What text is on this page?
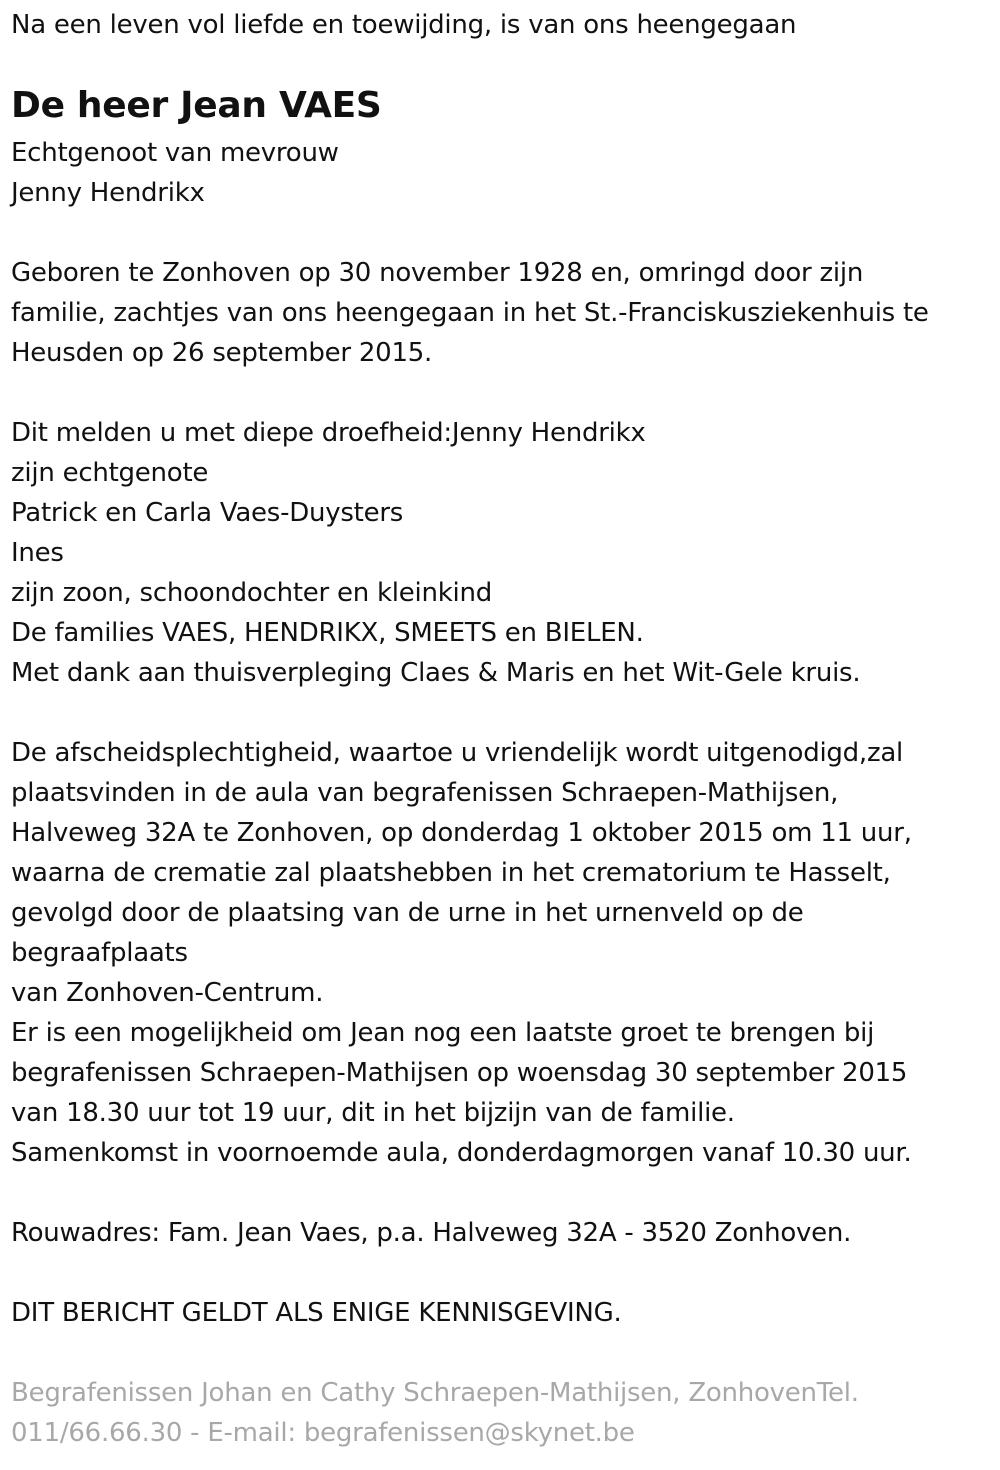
Na een leven vol liefde en toewijding, is van ons heengegaan
De heer Jean VAES
Echtgenoot van mevrouw
Jenny Hendrikx
Geboren te Zonhoven op 30 november 1928 en, omringd door zijn
familie, zachtjes van ons heengegaan in het St.-Franciskusziekenhuis te
Heusden op 26 september 2015.
Dit melden u met diepe droefheid:Jenny Hendrikx
zijn echtgenote
Patrick en Carla Vaes-Duysters
Ines
zijn zoon, schoondochter en kleinkind
De families VAES, HENDRIKX, SMEETS en BIELEN.
Met dank aan thuisverpleging Claes & Maris en het Wit-Gele kruis.
De afscheidsplechtigheid, waartoe u vriendelijk wordt uitgenodigd,zal
plaatsvinden in de aula van begrafenissen Schraepen-Mathijsen,
Halveweg 32A te Zonhoven, op donderdag 1 oktober 2015 om 11 uur,
waarna de crematie zal plaatshebben in het crematorium te Hasselt,
gevolgd door de plaatsing van de urne in het urnenveld op de
begraafplaats
van Zonhoven-Centrum.
Er is een mogelijkheid om Jean nog een laatste groet te brengen bij
begrafenissen Schraepen-Mathijsen op woensdag 30 september 2015
van 18.30 uur tot 19 uur, dit in het bijzijn van de familie.
Samenkomst in voornoemde aula, donderdagmorgen vanaf 10.30 uur.
Rouwadres: Fam. Jean Vaes, p.a. Halveweg 32A - 3520 Zonhoven.
DIT BERICHT GELDT ALS ENIGE KENNISGEVING.
Begrafenissen Johan en Cathy Schraepen-Mathijsen, ZonhovenTel.
011/66.66.30 - E-mail: begrafenissen@skynet.be
